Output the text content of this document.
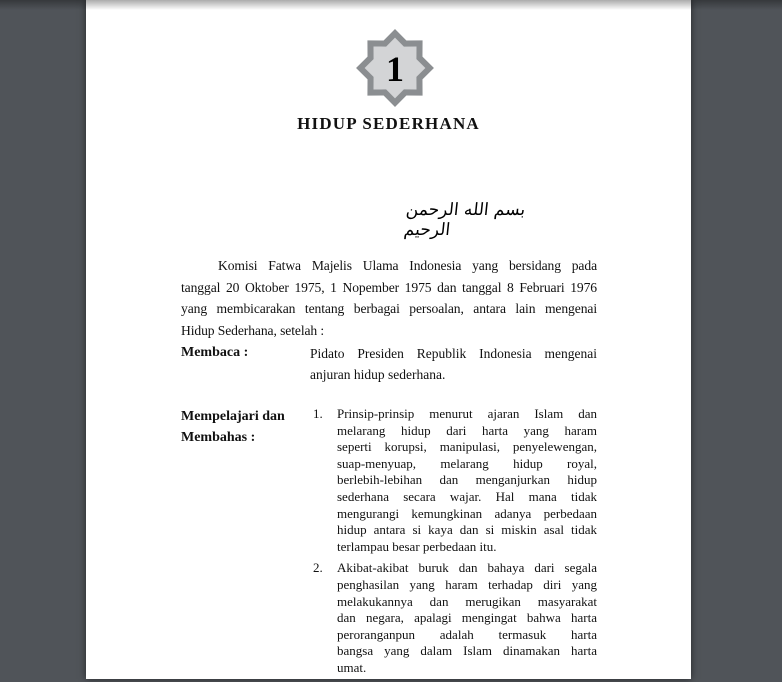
1
HIDUP SEDERHANA
بسم الله الرحمن الرحيم
Komisi Fatwa Majelis Ulama Indonesia yang bersidang pada
tanggal 20 Oktober 1975, 1 Nopember 1975 dan tanggal 8 Februari 1976
yang membicarakan tentang berbagai persoalan, antara lain mengenai
Hidup Sederhana, setelah :
Membaca :	Pidato Presiden Republik Indonesia mengenai
anjuran hidup sederhana.
Mempelajari dan
Membahas :
1.	Prinsip-prinsip menurut ajaran Islam dan
melarang hidup dari harta yang haram
seperti korupsi, manipulasi, penyelewengan,
suap-menyuap, melarang hidup royal,
berlebih-lebihan dan menganjurkan hidup
sederhana secara wajar. Hal mana tidak
mengurangi kemungkinan adanya perbedaan
hidup antara si kaya dan si miskin asal tidak
terlampau besar perbedaan itu.
2.	Akibat-akibat buruk dan bahaya dari segala
penghasilan yang haram terhadap diri yang
melakukannya dan merugikan masyarakat
dan negara, apalagi mengingat bahwa harta
peroranganpun adalah termasuk harta
bangsa yang dalam Islam dinamakan harta
umat.
